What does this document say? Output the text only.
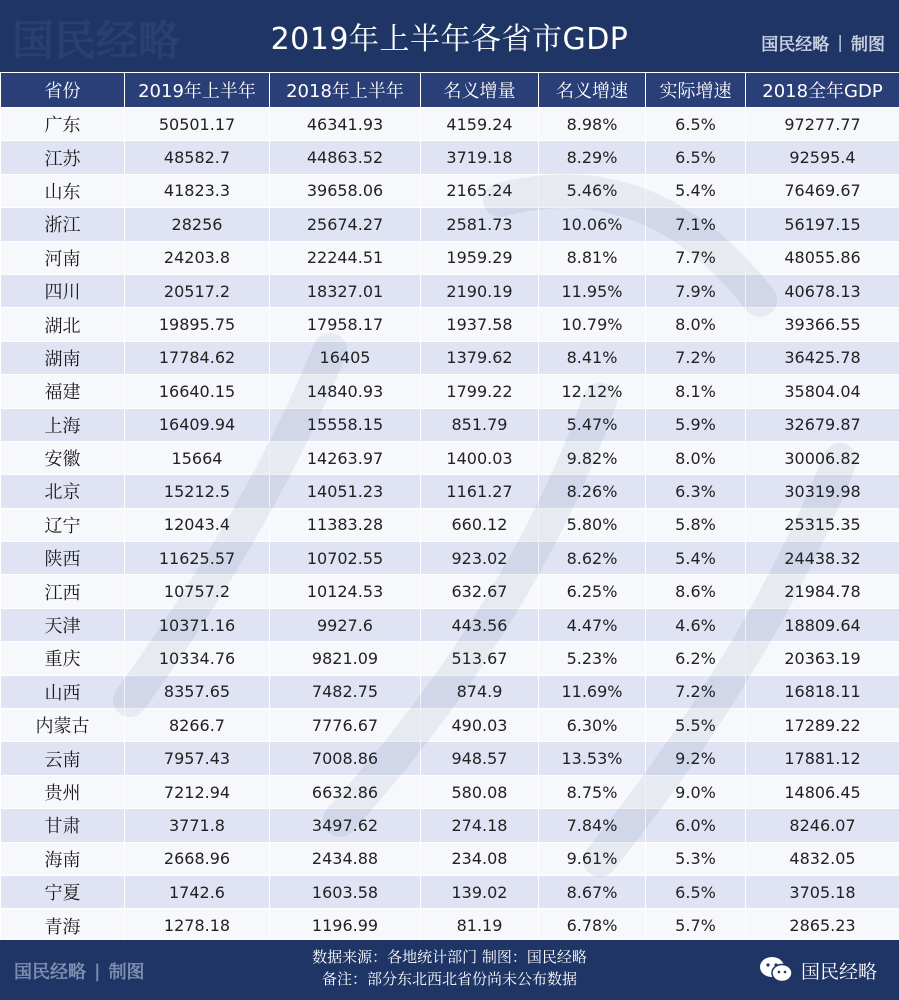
国民经略	2019年上半年各省市GDP	国民经略 | 制图
省份	2019年上半年	2018年上半年	名义增量	名义增速	实际增速	2018全年GDP
广东	50501.17	46341.93	4159.24	8.98%	6.5%	97277.77
江苏	48582.7	44863.52	3719.18	8.29%	6.5%	92595.4
山东	41823.3	39658.06	2165.24	5.46%	5.4%	76469.67
浙江	28256	25674.27	2581.73	10.06%	7.1%	56197.15
河南	24203.8	22244.51	1959.29	8.81%	7.7%	48055.86
四川	20517.2	18327.01	2190.19	11.95%	7.9%	40678.13
湖北	19895.75	17958.17	1937.58	10.79%	8.0%	39366.55
湖南	17784.62	16405	1379.62	8.41%	7.2%	36425.78
福建	16640.15	14840.93	1799.22	12.12%	8.1%	35804.04
上海	16409.94	15558.15	851.79	5.47%	5.9%	32679.87
安徽	15664	14263.97	1400.03	9.82%	8.0%	30006.82
北京	15212.5	14051.23	1161.27	8.26%	6.3%	30319.98
辽宁	12043.4	11383.28	660.12	5.80%	5.8%	25315.35
陕西	11625.57	10702.55	923.02	8.62%	5.4%	24438.32
江西	10757.2	10124.53	632.67	6.25%	8.6%	21984.78
天津	10371.16	9927.6	443.56	4.47%	4.6%	18809.64
重庆	10334.76	9821.09	513.67	5.23%	6.2%	20363.19
山西	8357.65	7482.75	874.9	11.69%	7.2%	16818.11
内蒙古	8266.7	7776.67	490.03	6.30%	5.5%	17289.22
云南	7957.43	7008.86	948.57	13.53%	9.2%	17881.12
贵州	7212.94	6632.86	580.08	8.75%	9.0%	14806.45
甘肃	3771.8	3497.62	274.18	7.84%	6.0%	8246.07
海南	2668.96	2434.88	234.08	9.61%	5.3%	4832.05
宁夏	1742.6	1603.58	139.02	8.67%	6.5%	3705.18
青海	1278.18	1196.99	81.19	6.78%	5.7%	2865.23
国民经略 | 制图
数据来源：各地统计部门 制图：国民经略
备注：部分东北西北省份尚未公布数据	国民经略
